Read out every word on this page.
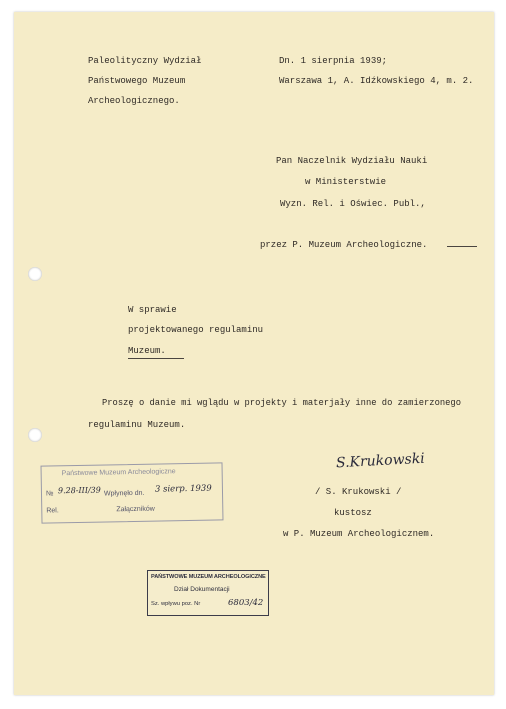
Paleolityczny Wydział
Państwowego Muzeum
Archeologicznego.
Dn. 1 sierpnia 1939;
Warszawa 1, A. Idźkowskiego 4, m. 2.
Pan Naczelnik Wydziału Nauki
w Ministerstwie
Wyzn. Rel. i Oświec. Publ.,
przez P. Muzeum Archeologiczne.
W sprawie
projektowanego regulaminu
Muzeum.
Proszę o danie mi wglądu w projekty i materjały inne do zamierzonego
regulaminu Muzeum.
S.Krukowski
/ S. Krukowski /
kustosz
w P. Muzeum Archeologicznem.
Państwowe Muzeum Archeologiczne
№ 9.28-III/39 Wpłynęło dn. 3 sierp. 1939
Rel.	Załączników
PAŃSTWOWE MUZEUM ARCHEOLOGICZNE
Dział Dokumentacji
Sz. wpływu poz. Nr	6803/42
